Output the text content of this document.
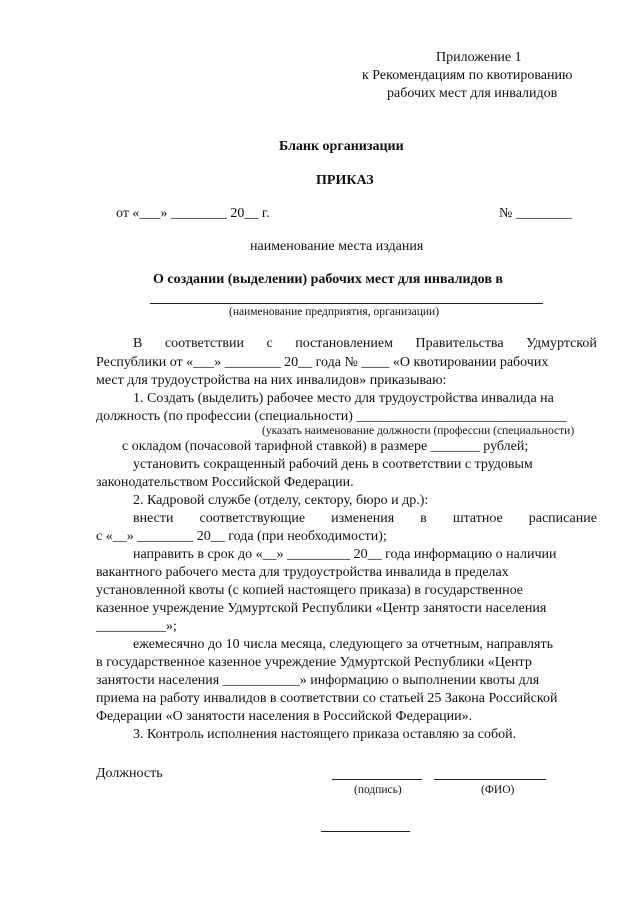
Приложение 1
к Рекомендациям по квотированию
рабочих мест для инвалидов
Бланк организации
ПРИКАЗ
от «___» ________ 20__ г.	№ ________
наименование места издания
О создании (выделении) рабочих мест для инвалидов в
(наименование предприятия, организации)
В соответствии с постановлением Правительства Удмуртской
Республики от «___» ________ 20__ года № ____ «О квотировании рабочих
мест для трудоустройства на них инвалидов» приказываю:
1. Создать (выделить) рабочее место для трудоустройства инвалида на
должность (по профессии (специальности) ______________________________
(указать наименование должности (профессии (специальности)
с окладом (почасовой тарифной ставкой) в размере _______ рублей;
установить сокращенный рабочий день в соответствии с трудовым
законодательством Российской Федерации.
2. Кадровой службе (отделу, сектору, бюро и др.):
внести соответствующие изменения в штатное расписание
с «__» ________ 20__ года (при необходимости);
направить в срок до «__» _________ 20__ года информацию о наличии
вакантного рабочего места для трудоустройства инвалида в пределах
установленной квоты (с копией настоящего приказа) в государственное
казенное учреждение Удмуртской Республики «Центр занятости населения
__________»;
ежемесячно до 10 числа месяца, следующего за отчетным, направлять
в государственное казенное учреждение Удмуртской Республики «Центр
занятости населения ___________» информацию о выполнении квоты для
приема на работу инвалидов в соответствии со статьей 25 Закона Российской
Федерации «О занятости населения в Российской Федерации».
3. Контроль исполнения настоящего приказа оставляю за собой.
Должность
(подпись)	(ФИО)
